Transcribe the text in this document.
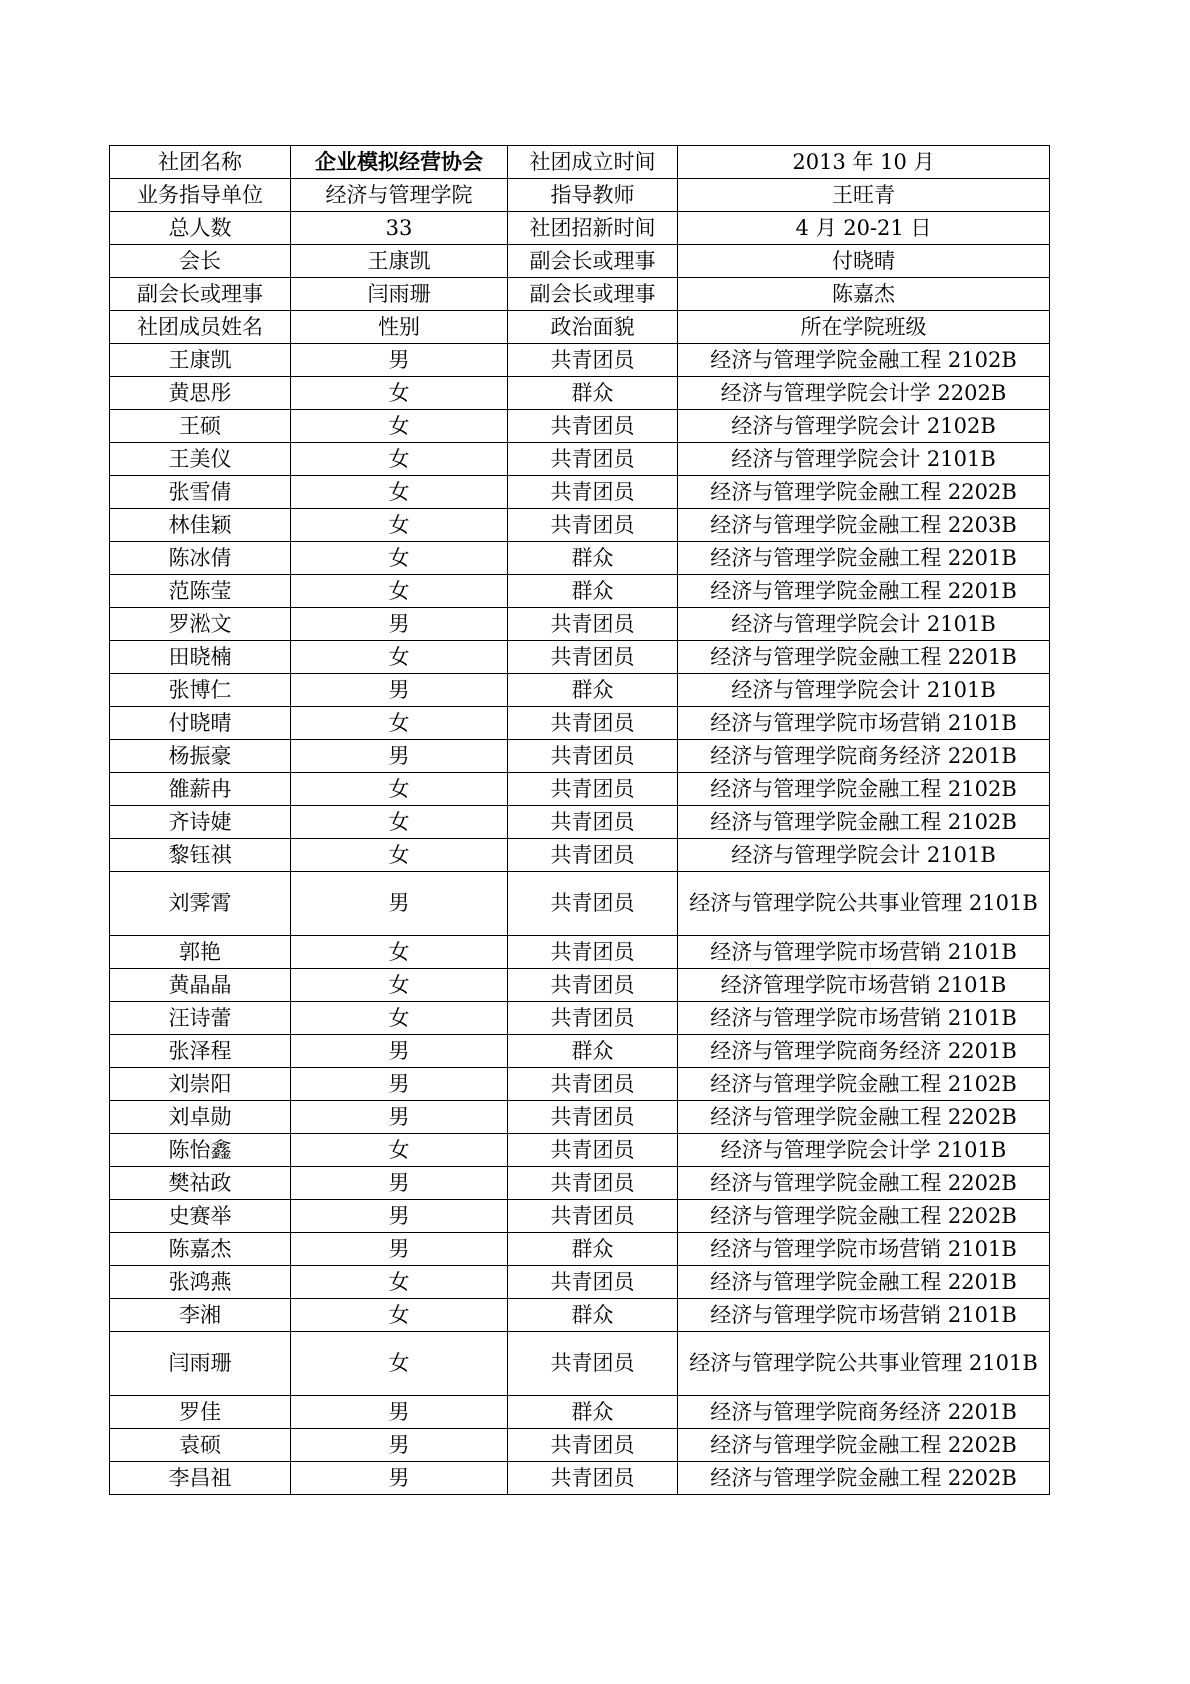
社团名称	企业模拟经营协会	社团成立时间	2013 年 10 月
业务指导单位	经济与管理学院	指导教师	王旺青
总人数	33	社团招新时间	4 月 20-21 日
会长	王康凯	副会长或理事	付晓晴
副会长或理事	闫雨珊	副会长或理事	陈嘉杰
社团成员姓名	性别	政治面貌	所在学院班级
王康凯	男	共青团员	经济与管理学院金融工程 2102B
黄思彤	女	群众	经济与管理学院会计学 2202B
王硕	女	共青团员	经济与管理学院会计 2102B
王美仪	女	共青团员	经济与管理学院会计 2101B
张雪倩	女	共青团员	经济与管理学院金融工程 2202B
林佳颖	女	共青团员	经济与管理学院金融工程 2203B
陈冰倩	女	群众	经济与管理学院金融工程 2201B
范陈莹	女	群众	经济与管理学院金融工程 2201B
罗淞文	男	共青团员	经济与管理学院会计 2101B
田晓楠	女	共青团员	经济与管理学院金融工程 2201B
张博仁	男	群众	经济与管理学院会计 2101B
付晓晴	女	共青团员	经济与管理学院市场营销 2101B
杨振豪	男	共青团员	经济与管理学院商务经济 2201B
雒薪冉	女	共青团员	经济与管理学院金融工程 2102B
齐诗婕	女	共青团员	经济与管理学院金融工程 2102B
黎钰祺	女	共青团员	经济与管理学院会计 2101B
刘霁霄	男	共青团员	经济与管理学院公共事业管理 2101B
郭艳	女	共青团员	经济与管理学院市场营销 2101B
黄晶晶	女	共青团员	经济管理学院市场营销 2101B
汪诗蕾	女	共青团员	经济与管理学院市场营销 2101B
张泽程	男	群众	经济与管理学院商务经济 2201B
刘崇阳	男	共青团员	经济与管理学院金融工程 2102B
刘卓勋	男	共青团员	经济与管理学院金融工程 2202B
陈怡鑫	女	共青团员	经济与管理学院会计学 2101B
樊祜政	男	共青团员	经济与管理学院金融工程 2202B
史赛举	男	共青团员	经济与管理学院金融工程 2202B
陈嘉杰	男	群众	经济与管理学院市场营销 2101B
张鸿燕	女	共青团员	经济与管理学院金融工程 2201B
李湘	女	群众	经济与管理学院市场营销 2101B
闫雨珊	女	共青团员	经济与管理学院公共事业管理 2101B
罗佳	男	群众	经济与管理学院商务经济 2201B
袁硕	男	共青团员	经济与管理学院金融工程 2202B
李昌祖	男	共青团员	经济与管理学院金融工程 2202B
